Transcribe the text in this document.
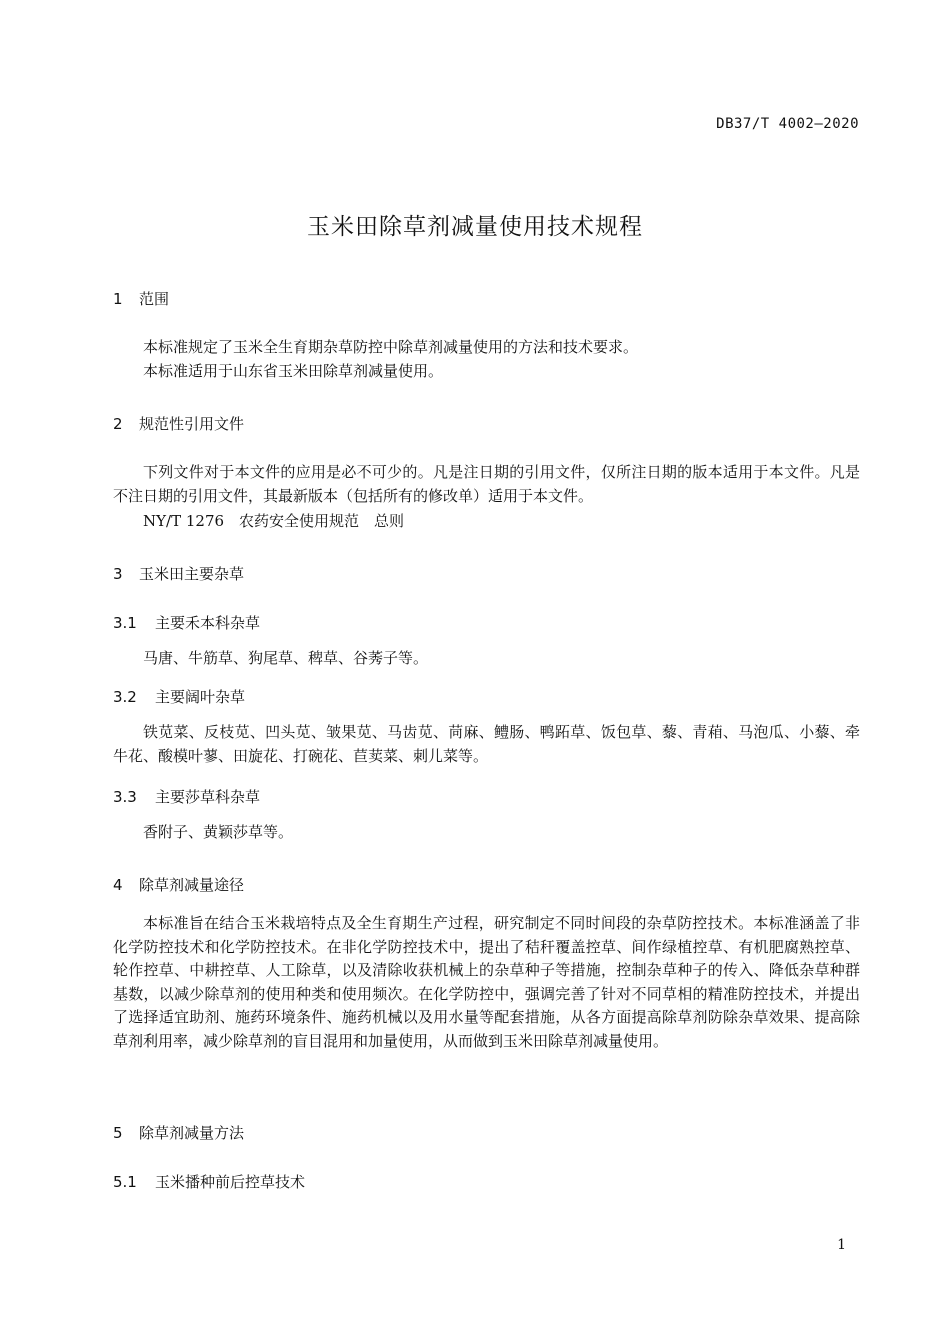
DB37/T 4002—2020
玉米田除草剂减量使用技术规程
1 范围
本标准规定了玉米全生育期杂草防控中除草剂减量使用的方法和技术要求。
本标准适用于山东省玉米田除草剂减量使用。
2 规范性引用文件
下列文件对于本文件的应用是必不可少的。凡是注日期的引用文件，仅所注日期的版本适用于本文件。凡是不注日期的引用文件，其最新版本（包括所有的修改单）适用于本文件。
NY/T 1276　农药安全使用规范　总则
3 玉米田主要杂草
3.1 主要禾本科杂草
马唐、牛筋草、狗尾草、稗草、谷莠子等。
3.2 主要阔叶杂草
铁苋菜、反枝苋、凹头苋、皱果苋、马齿苋、苘麻、鳢肠、鸭跖草、饭包草、藜、青葙、马泡瓜、小藜、牵牛花、酸模叶蓼、田旋花、打碗花、苣荬菜、刺儿菜等。
3.3 主要莎草科杂草
香附子、黄颖莎草等。
4 除草剂减量途径
本标准旨在结合玉米栽培特点及全生育期生产过程，研究制定不同时间段的杂草防控技术。本标准涵盖了非化学防控技术和化学防控技术。在非化学防控技术中，提出了秸秆覆盖控草、间作绿植控草、有机肥腐熟控草、轮作控草、中耕控草、人工除草，以及清除收获机械上的杂草种子等措施，控制杂草种子的传入、降低杂草种群基数，以减少除草剂的使用种类和使用频次。在化学防控中，强调完善了针对不同草相的精准防控技术，并提出了选择适宜助剂、施药环境条件、施药机械以及用水量等配套措施，从各方面提高除草剂防除杂草效果、提高除草剂利用率，减少除草剂的盲目混用和加量使用，从而做到玉米田除草剂减量使用。
5 除草剂减量方法
5.1 玉米播种前后控草技术
1
